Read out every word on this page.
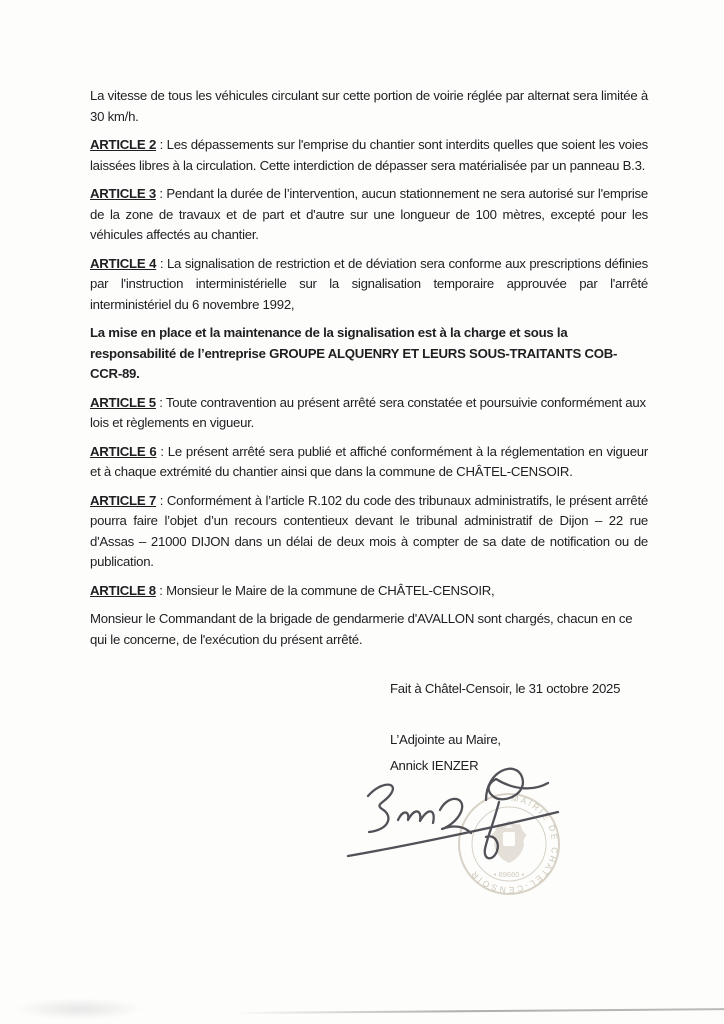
La vitesse de tous les véhicules circulant sur cette portion de voirie réglée par alternat sera limitée à 30 km/h.

ARTICLE 2 : Les dépassements sur l'emprise du chantier sont interdits quelles que soient les voies laissées libres à la circulation. Cette interdiction de dépasser sera matérialisée par un panneau B.3.

ARTICLE 3 : Pendant la durée de l’intervention, aucun stationnement ne sera autorisé sur l'emprise de la zone de travaux et de part et d'autre sur une longueur de 100 mètres, excepté pour les véhicules affectés au chantier.

ARTICLE 4 : La signalisation de restriction et de déviation sera conforme aux prescriptions définies par l'instruction interministérielle sur la signalisation temporaire approuvée par l'arrêté interministériel du 6 novembre 1992,

La mise en place et la maintenance de la signalisation est à la charge et sous la responsabilité de l’entreprise GROUPE ALQUENRY ET LEURS SOUS-TRAITANTS COB-CCR-89.

ARTICLE 5 : Toute contravention au présent arrêté sera constatée et poursuivie conformément aux lois et règlements en vigueur.

ARTICLE 6 : Le présent arrêté sera publié et affiché conformément à la réglementation en vigueur et à chaque extrémité du chantier ainsi que dans la commune de CHÂTEL-CENSOIR.

ARTICLE 7 : Conformément à l’article R.102 du code des tribunaux administratifs, le présent arrêté pourra faire l’objet d’un recours contentieux devant le tribunal administratif de Dijon – 22 rue d'Assas – 21000 DIJON dans un délai de deux mois à compter de sa date de notification ou de publication.

ARTICLE 8 : Monsieur le Maire de la commune de CHÂTEL-CENSOIR,

Monsieur le Commandant de la brigade de gendarmerie d'AVALLON sont chargés, chacun en ce qui le concerne, de l'exécution du présent arrêté.

Fait à Châtel-Censoir, le 31 octobre 2025

L’Adjointe au Maire,

Annick IENZER

MAIRIE DE CHATEL-CENSOIR	• 89660 •
